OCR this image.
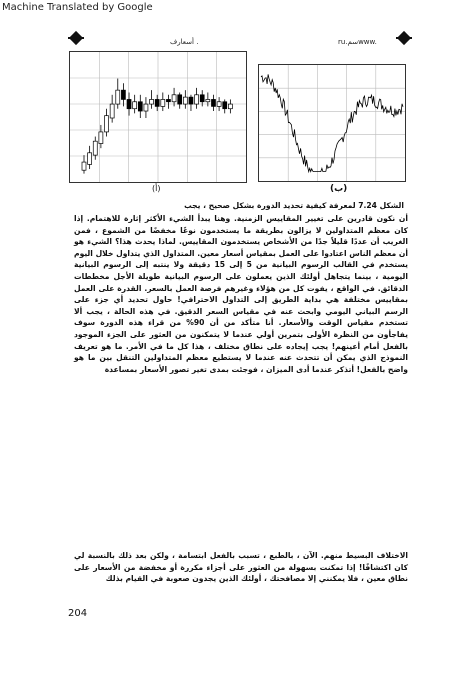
Machine Translated by Google
ru.سمwww.
أسعارف .
(ب)
(أ)
الشكل 7.24 لمعرفة كيفية تحديد الدورة بشكل صحيح ، يجب
أن نكون قادرين على تغيير المقاييس الزمنية. وهنا يبدأ الشيء الأكثر إثارة للاهتمام. إذا كان معظم المتداولين لا يزالون بطريقة ما يستخدمون نوعًا مخفضًا من الشموع ، فمن الغريب أن عددًا قليلاً جدًا من الأشخاص يستخدمون المقاييس. لماذا يحدث هذا؟ الشيء هو أن معظم الناس اعتادوا على العمل بمقياس أسعار معين. المتداول الذي يتداول خلال اليوم يستخدم في القالب الرسوم البيانية من 5 إلى 15 دقيقة ولا ينتبه إلى الرسوم البيانية اليومية ، بينما يتجاهل أولئك الذين يعملون على الرسوم البيانية طويلة الأجل مخططات الدقائق. في الواقع ، يفوت كل من هؤلاء وغيرهم فرصة العمل بالسعر. القدرة على العمل بمقاييس مختلفة هي بداية الطريق إلى التداول الاحترافي! حاول تحديد أي جزء على الرسم البياني اليومي وابحث عنه في مقياس السعر الدقيق. في هذه الحالة ، يجب ألا تستخدم مقياس الوقت والأسعار. أنا متأكد من أن 90% من قراء هذه الدورة سوف يفاجأون من النظرة الأولى بتمرين أولي عندما لا يتمكنون من العثور على الجزء الموجود بالفعل أمام أعينهم! يجب إيجاده على نطاق مختلف ، هذا كل ما في الأمر. ما هو تعريف النموذج الذي يمكن أن تتحدث عنه عندما لا يستطيع معظم المتداولين التنقل بين ما هو واضح بالفعل! أتذكر عندما أدى الميزان ، فوجئت بمدى تغير تصور الأسعار بمساعدة
الاختلاف البسيط منهم. الآن ، بالطبع ، تسبب بالفعل ابتسامة ، ولكن بعد ذلك بالنسبة لي كان اكتشافًا! إذا تمكنت بسهولة من العثور على أجزاء مكررة أو مخفضة من الأسعار على نطاق معين ، فلا يمكنني إلا مصافحتك ، أولئك الذين يجدون صعوبة في القيام بذلك
204
